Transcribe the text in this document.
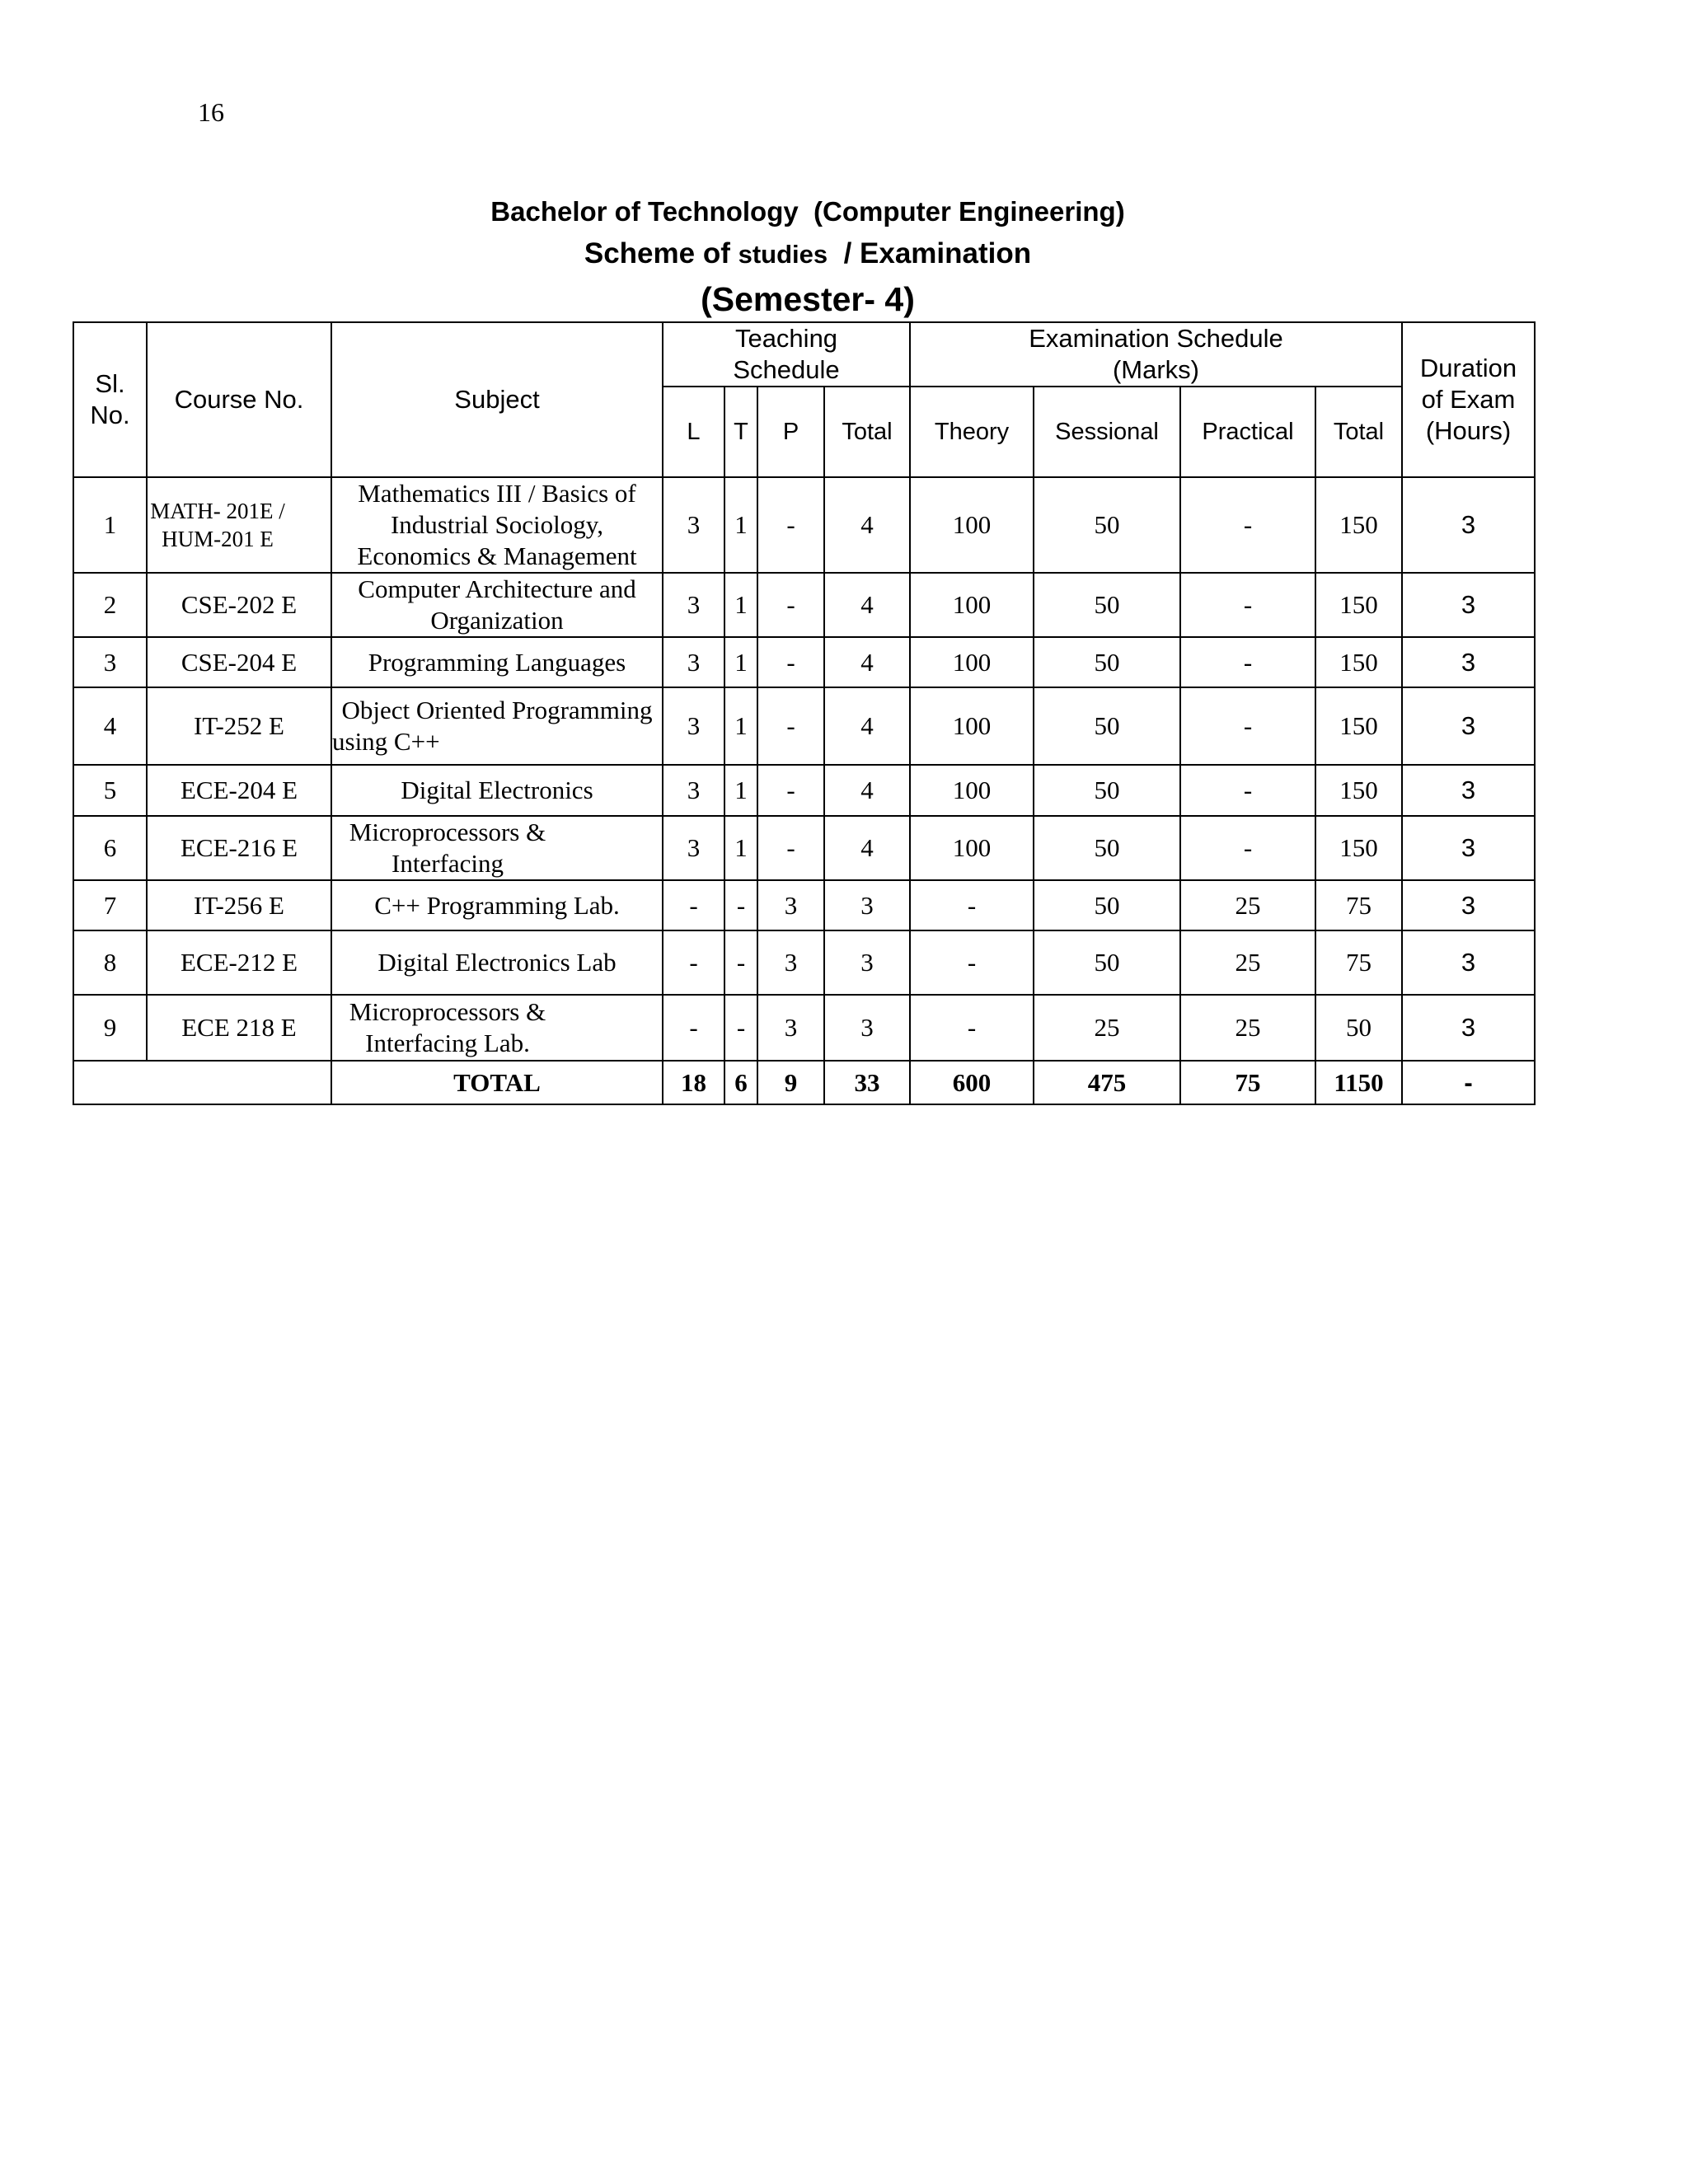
16
Bachelor of Technology  (Computer Engineering)
Scheme of studies  / Examination
(Semester- 4)
Sl. No.	Course No.	Subject	Teaching Schedule				Examination Schedule (Marks)				Duration of Exam (Hours)

			L	T	P	Total	Theory	Sessional	Practical	Total	
1	MATH- 201E / HUM-201 E	Mathematics III / Basics of Industrial Sociology, Economics & Management	3	1	-	4	100	50	-	150	3
2	CSE-202 E	Computer Architecture and Organization	3	1	-	4	100	50	-	150	3
3	CSE-204 E	Programming Languages	3	1	-	4	100	50	-	150	3
4	IT-252 E	Object Oriented Programming using C++	3	1	-	4	100	50	-	150	3
5	ECE-204 E	Digital Electronics	3	1	-	4	100	50	-	150	3
6	ECE-216 E	Microprocessors & Interfacing	3	1	-	4	100	50	-	150	3
7	IT-256 E	C++ Programming Lab.	-	-	3	3	-	50	25	75	3
8	ECE-212 E	Digital Electronics Lab	-	-	3	3	-	50	25	75	3
9	ECE 218 E	Microprocessors & Interfacing Lab.	-	-	3	3	-	25	25	50	3
		TOTAL	18	6	9	33	600	475	75	1150	-
